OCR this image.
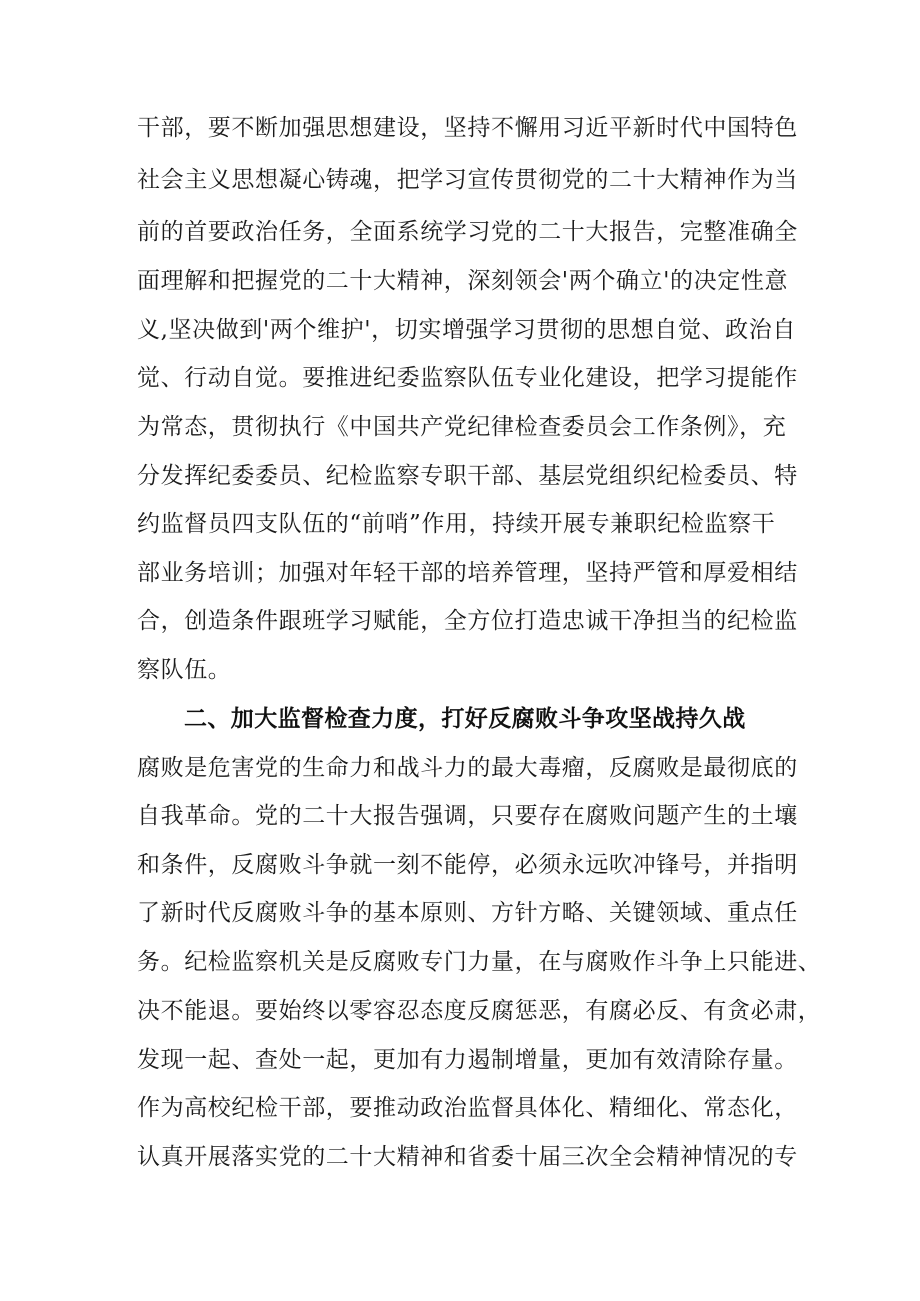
干部，要不断加强思想建设，坚持不懈用习近平新时代中国特色
社会主义思想凝心铸魂，把学习宣传贯彻党的二十大精神作为当
前的首要政治任务，全面系统学习党的二十大报告，完整准确全
面理解和把握党的二十大精神，深刻领会'两个确立'的决定性意
义,坚决做到'两个维护'，切实增强学习贯彻的思想自觉、政治自
觉、行动自觉。要推进纪委监察队伍专业化建设，把学习提能作
为常态，贯彻执行《中国共产党纪律检查委员会工作条例》，充
分发挥纪委委员、纪检监察专职干部、基层党组织纪检委员、特
约监督员四支队伍的“前哨”作用，持续开展专兼职纪检监察干
部业务培训；加强对年轻干部的培养管理，坚持严管和厚爱相结
合，创造条件跟班学习赋能，全方位打造忠诚干净担当的纪检监
察队伍。
二、加大监督检查力度，打好反腐败斗争攻坚战持久战
腐败是危害党的生命力和战斗力的最大毒瘤，反腐败是最彻底的
自我革命。党的二十大报告强调，只要存在腐败问题产生的土壤
和条件，反腐败斗争就一刻不能停，必须永远吹冲锋号，并指明
了新时代反腐败斗争的基本原则、方针方略、关键领域、重点任
务。纪检监察机关是反腐败专门力量，在与腐败作斗争上只能进、
决不能退。要始终以零容忍态度反腐惩恶，有腐必反、有贪必肃，
发现一起、查处一起，更加有力遏制增量，更加有效清除存量。
作为高校纪检干部，要推动政治监督具体化、精细化、常态化，
认真开展落实党的二十大精神和省委十届三次全会精神情况的专
